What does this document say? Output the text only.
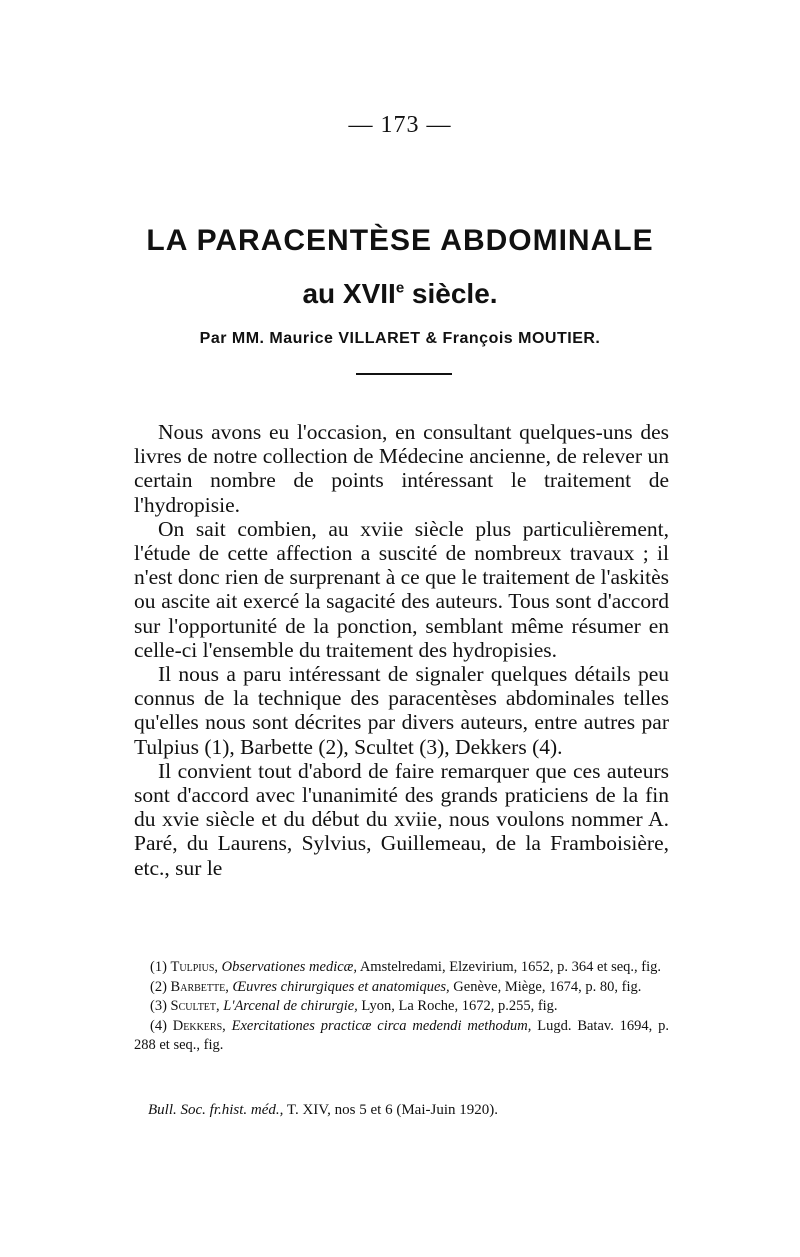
— 173 —
LA PARACENTÈSE ABDOMINALE
au XVIIe siècle.
Par MM. Maurice VILLARET & François MOUTIER.

Nous avons eu l'occasion, en consultant quelques-uns des livres de notre collection de Médecine ancienne, de relever un certain nombre de points intéressant le traitement de l'hydropisie.

On sait combien, au xviie siècle plus particulièrement, l'étude de cette affection a suscité de nombreux travaux ; il n'est donc rien de surprenant à ce que le traitement de l'askitès ou ascite ait exercé la sagacité des auteurs. Tous sont d'accord sur l'opportunité de la ponction, semblant même résumer en celle-ci l'ensemble du traitement des hydropisies.

Il nous a paru intéressant de signaler quelques détails peu connus de la technique des paracentèses abdominales telles qu'elles nous sont décrites par divers auteurs, entre autres par Tulpius (1), Barbette (2), Scultet (3), Dekkers (4).

Il convient tout d'abord de faire remarquer que ces auteurs sont d'accord avec l'unanimité des grands praticiens de la fin du xvie siècle et du début du xviie, nous voulons nommer A. Paré, du Laurens, Sylvius, Guillemeau, de la Framboisière, etc., sur le

(1) Tulpius, Observationes medicæ, Amstelredami, Elzevirium, 1652, p. 364 et seq., fig.

(2) Barbette, Œuvres chirurgiques et anatomiques, Genève, Miège, 1674, p. 80, fig.

(3) Scultet, L'Arcenal de chirurgie, Lyon, La Roche, 1672, p.255, fig.

(4) Dekkers, Exercitationes practicæ circa medendi methodum, Lugd. Batav. 1694, p. 288 et seq., fig.

Bull. Soc. fr.hist. méd., T. XIV, nos 5 et 6 (Mai-Juin 1920).
